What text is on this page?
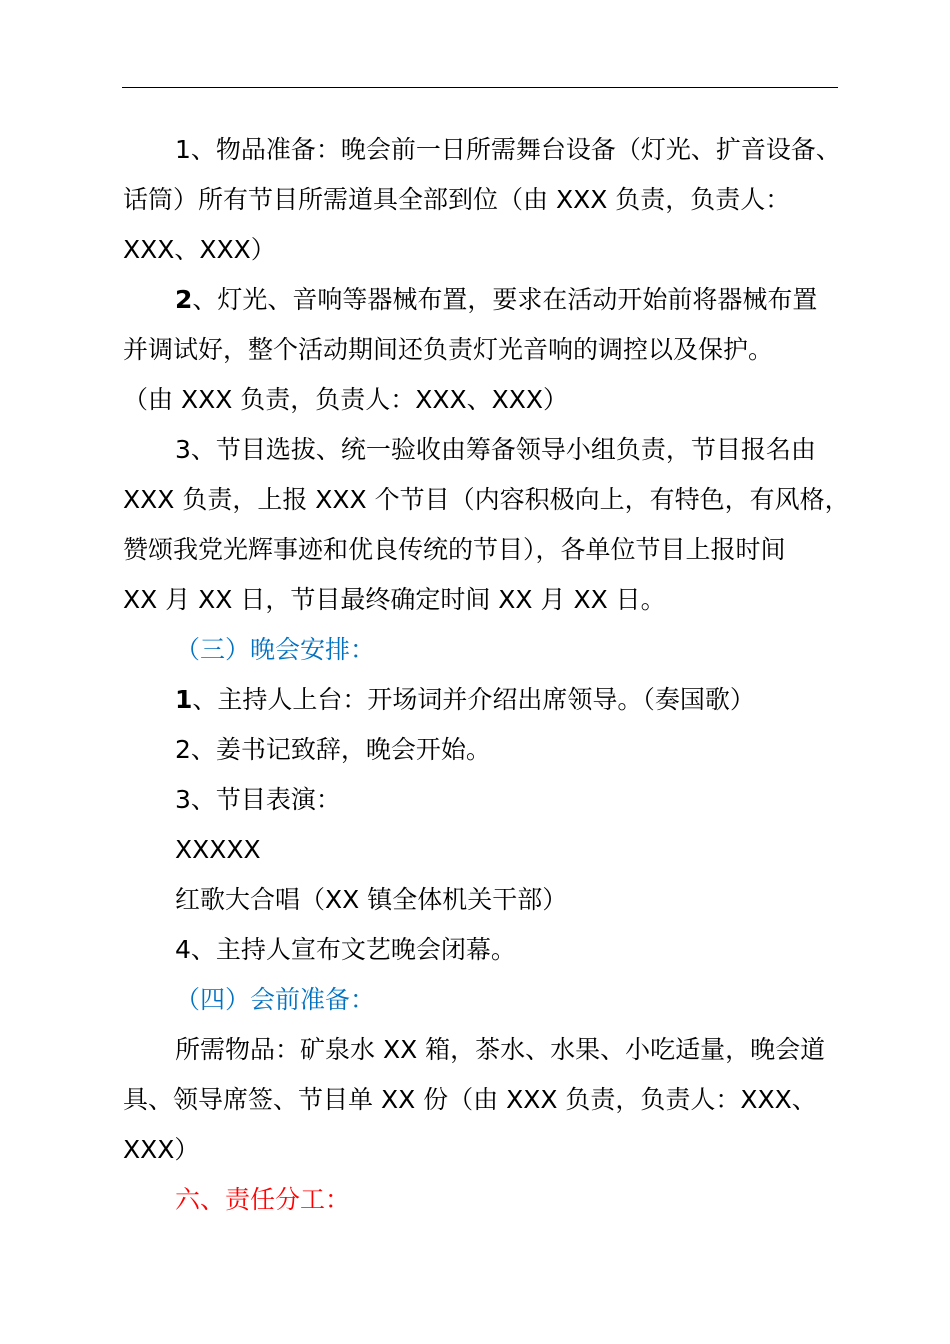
1、物品准备：晚会前一日所需舞台设备（灯光、扩音设备、
话筒）所有节目所需道具全部到位（由 XXX 负责，负责人：
XXX、XXX）

2、灯光、音响等器械布置，要求在活动开始前将器械布置
并调试好，整个活动期间还负责灯光音响的调控以及保护。
（由 XXX 负责，负责人：XXX、XXX）

3、节目选拔、统一验收由筹备领导小组负责，节目报名由
XXX 负责，上报 XXX 个节目（内容积极向上，有特色，有风格，
赞颂我党光辉事迹和优良传统的节目），各单位节目上报时间
XX 月 XX 日，节目最终确定时间 XX 月 XX 日。

（三）晚会安排：

1、主持人上台：开场词并介绍出席领导。（奏国歌）

2、姜书记致辞，晚会开始。

3、节目表演：

XXXXX

红歌大合唱（XX 镇全体机关干部）

4、主持人宣布文艺晚会闭幕。

（四）会前准备：

所需物品：矿泉水 XX 箱，茶水、水果、小吃适量，晚会道
具、领导席签、节目单 XX 份（由 XXX 负责，负责人：XXX、
XXX）

六、责任分工：
